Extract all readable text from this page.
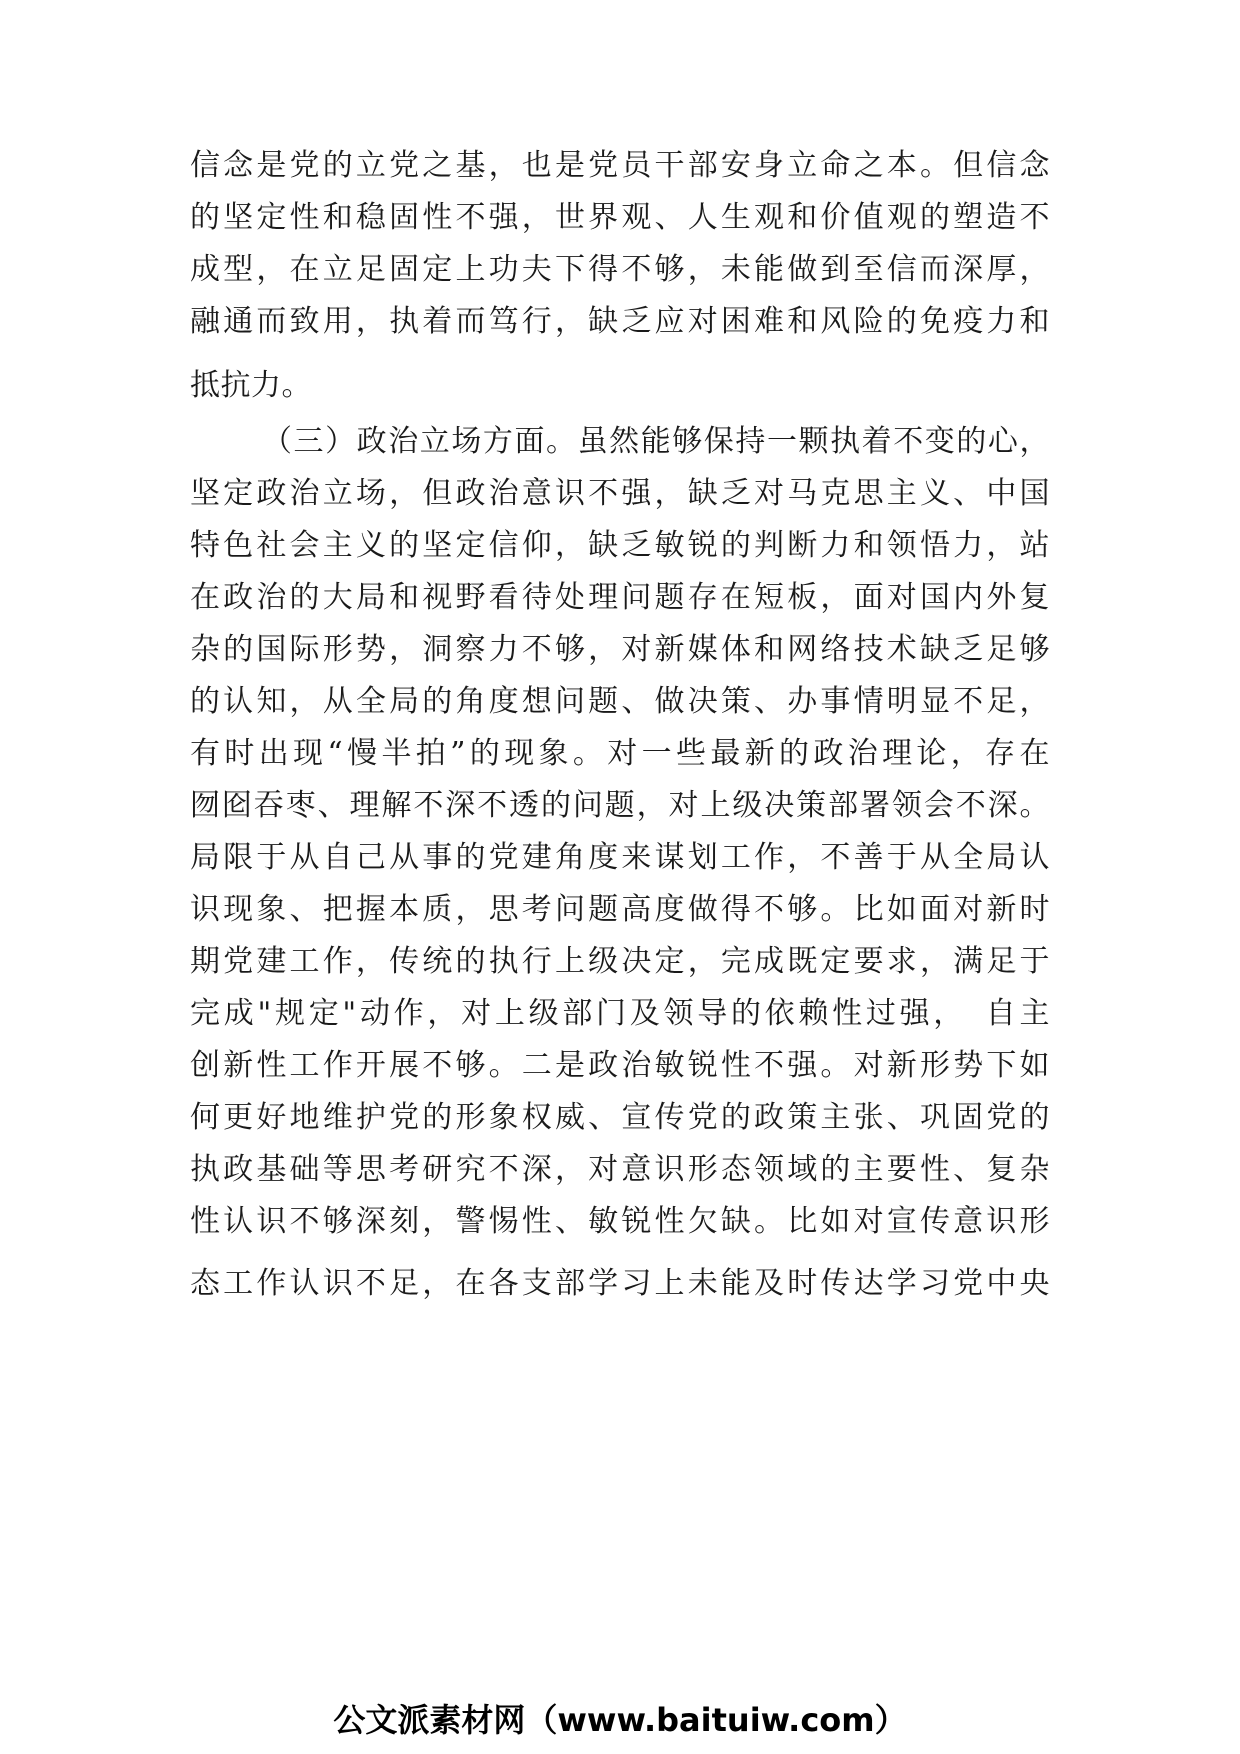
信念是党的立党之基，也是党员干部安身立命之本。但信念
的坚定性和稳固性不强，世界观、人生观和价值观的塑造不
成型，在立足固定上功夫下得不够，未能做到至信而深厚，
融通而致用，执着而笃行，缺乏应对困难和风险的免疫力和
抵抗力。
（三）政治立场方面。虽然能够保持一颗执着不变的心，
坚定政治立场，但政治意识不强，缺乏对马克思主义、中国
特色社会主义的坚定信仰，缺乏敏锐的判断力和领悟力，站
在政治的大局和视野看待处理问题存在短板，面对国内外复
杂的国际形势，洞察力不够，对新媒体和网络技术缺乏足够
的认知，从全局的角度想问题、做决策、办事情明显不足，
有时出现“慢半拍”的现象。对一些最新的政治理论，存在
囫囵吞枣、理解不深不透的问题，对上级决策部署领会不深。
局限于从自己从事的党建角度来谋划工作，不善于从全局认
识现象、把握本质，思考问题高度做得不够。比如面对新时
期党建工作，传统的执行上级决定，完成既定要求，满足于
完成"规定"动作，对上级部门及领导的依赖性过强，　自主
创新性工作开展不够。二是政治敏锐性不强。对新形势下如
何更好地维护党的形象权威、宣传党的政策主张、巩固党的
执政基础等思考研究不深，对意识形态领域的主要性、复杂
性认识不够深刻，警惕性、敏锐性欠缺。比如对宣传意识形
态工作认识不足，在各支部学习上未能及时传达学习党中央
公文派素材网（www.baituiw.com）
